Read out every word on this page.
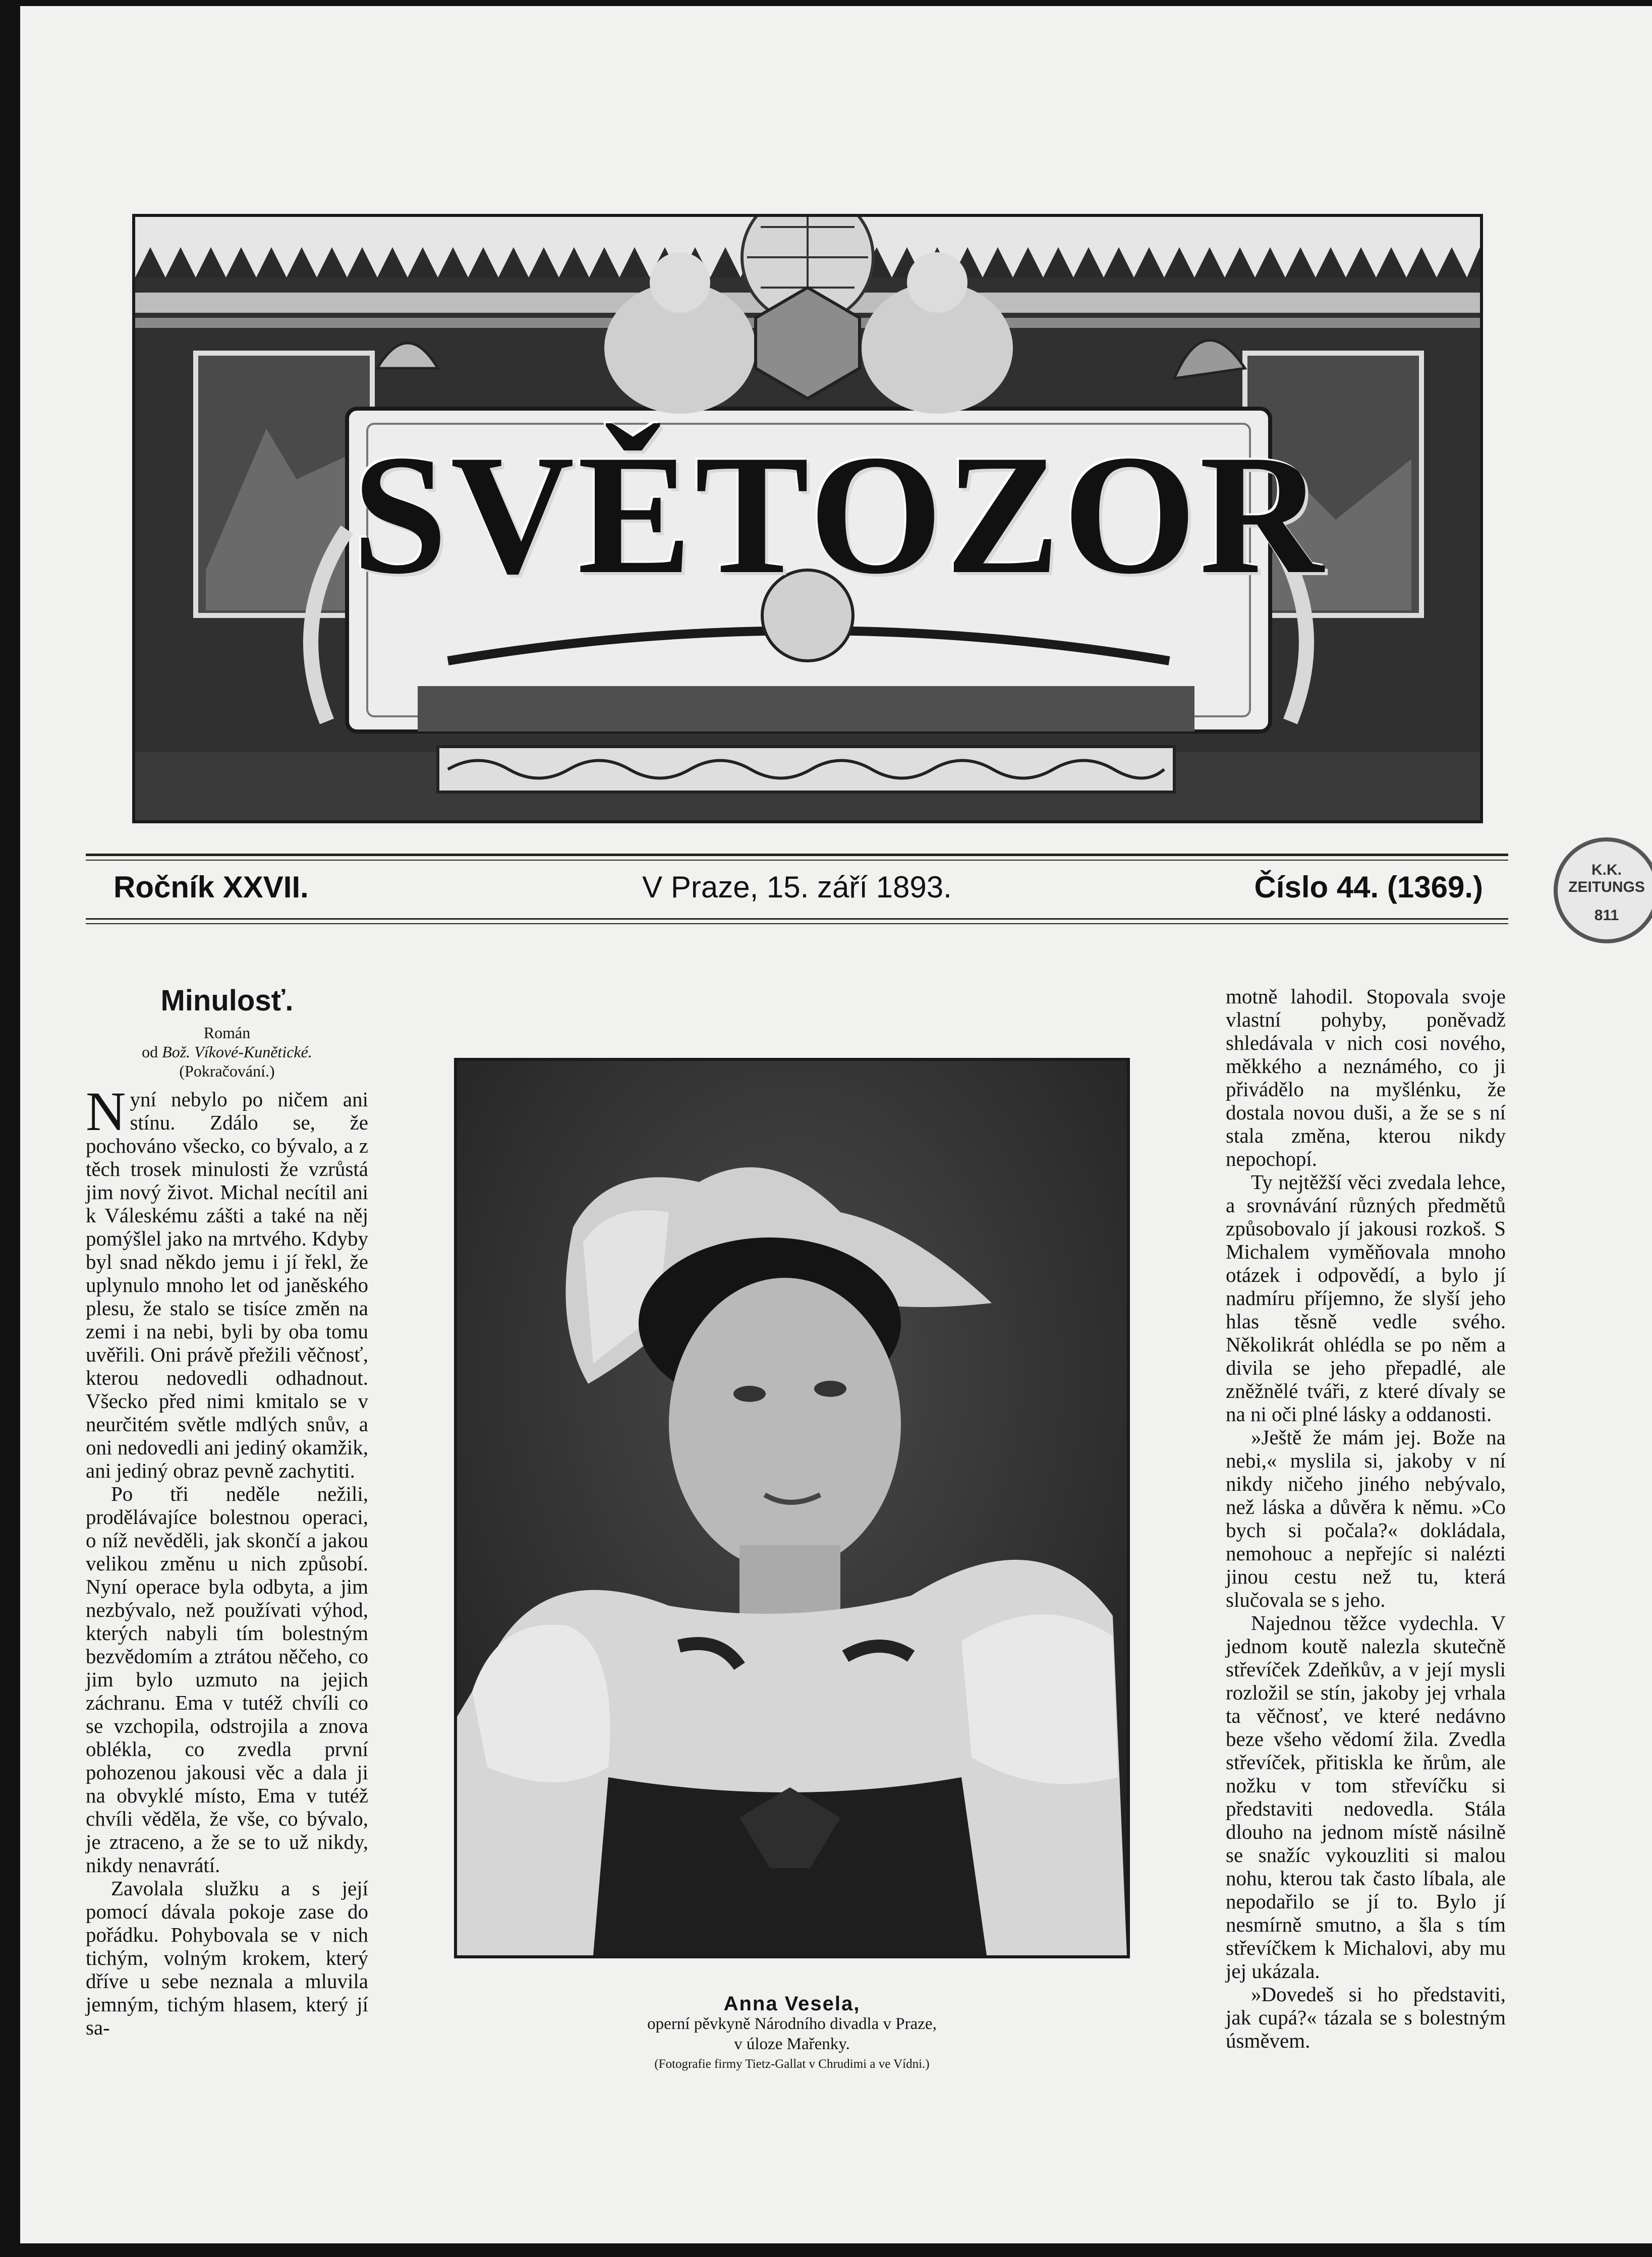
SVĚTOZOR
Ročník XXVII.	V Praze, 15. září 1893.	Číslo 44. (1369.)
K.K. ZEITUNGS
811
Minulosť.
Román
od Bož. Víkové-Kunětické.
(Pokračování.)

Nyní nebylo po ničem ani stínu. Zdálo se, že pochováno všecko, co bývalo, a z těch trosek minulosti že vzrůstá jim nový život. Michal necítil ani k Váleskému zášti a také na něj pomýšlel jako na mrtvého. Kdyby byl snad někdo jemu i jí řekl, že uplynulo mnoho let od janěského plesu, že stalo se tisíce změn na zemi i na nebi, byli by oba tomu uvěřili. Oni právě přežili věčnosť, kterou nedovedli odhadnout. Všecko před nimi kmitalo se v neurčitém světle mdlých snův, a oni nedovedli ani jediný okamžik, ani jediný obraz pevně zachytiti.

Po tři neděle nežili, prodělávajíce bolestnou operaci, o níž nevěděli, jak skončí a jakou velikou změnu u nich způsobí. Nyní operace byla odbyta, a jim nezbývalo, než používati výhod, kterých nabyli tím bolestným bezvědomím a ztrátou něčeho, co jim bylo uzmuto na jejich záchranu. Ema v tutéž chvíli co se vzchopila, odstrojila a znova oblékla, co zvedla první pohozenou jakousi věc a dala ji na obvyklé místo, Ema v tutéž chvíli věděla, že vše, co bývalo, je ztraceno, a že se to už nikdy, nikdy nenavrátí.

Zavolala služku a s její pomocí dávala pokoje zase do pořádku. Pohybovala se v nich tichým, volným krokem, který dříve u sebe neznala a mluvila jemným, tichým hlasem, který jí sa-

Anna Vesela,
operní pěvkyně Národního divadla v Praze,
v úloze Mařenky.
(Fotografie firmy Tietz-Gallat v Chrudimi a ve Vídni.)

motně lahodil. Stopovala svoje vlastní pohyby, poněvadž shledávala v nich cosi nového, měkkého a neznámého, co ji přivádělo na myšlénku, že dostala novou duši, a že se s ní stala změna, kterou nikdy nepochopí.

Ty nejtěžší věci zvedala lehce, a srovnávání různých předmětů způsobovalo jí jakousi rozkoš. S Michalem vyměňovala mnoho otázek i odpovědí, a bylo jí nadmíru příjemno, že slyší jeho hlas těsně vedle svého. Několikrát ohlédla se po něm a divila se jeho přepadlé, ale zněžnělé tváři, z které dívaly se na ni oči plné lásky a oddanosti.

»Ještě že mám jej. Bože na nebi,« myslila si, jakoby v ní nikdy ničeho jiného nebývalo, než láska a důvěra k němu. »Co bych si počala?« dokládala, nemohouc a nepřejíc si nalézti jinou cestu než tu, která slučovala se s jeho.

Najednou těžce vydechla. V jednom koutě nalezla skutečně střevíček Zdeňkův, a v její mysli rozložil se stín, jakoby jej vrhala ta věčnosť, ve které nedávno beze všeho vědomí žila. Zvedla střevíček, přitiskla ke ňrům, ale nožku v tom střevíčku si představiti nedovedla. Stála dlouho na jednom místě násilně se snažíc vykouzliti si malou nohu, kterou tak často líbala, ale nepodařilo se jí to. Bylo jí nesmírně smutno, a šla s tím střevíčkem k Michalovi, aby mu jej ukázala.

»Dovedeš si ho představiti, jak cupá?« tázala se s bolestným úsměvem.
